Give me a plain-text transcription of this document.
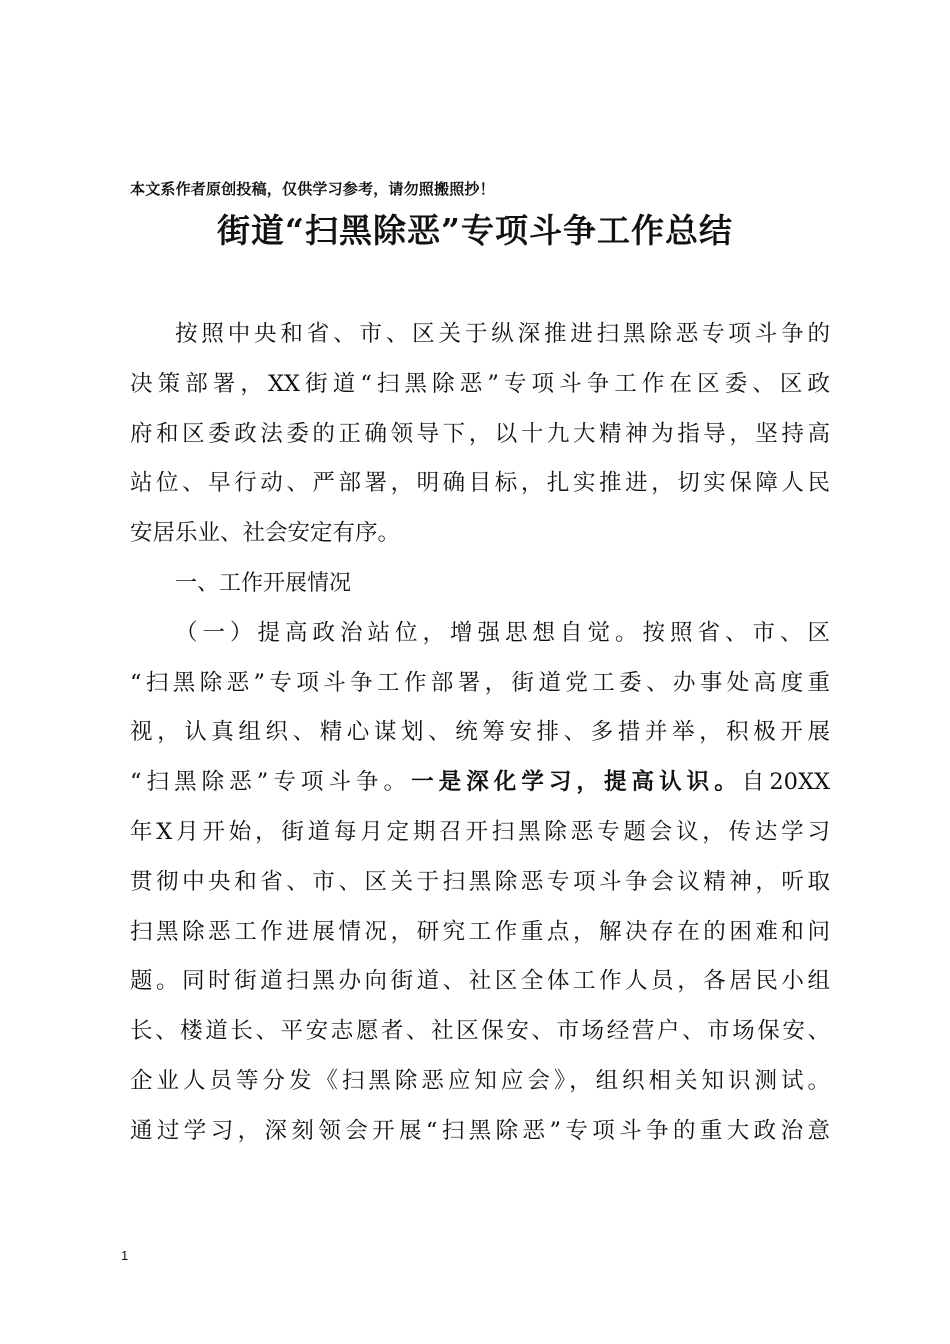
本文系作者原创投稿，仅供学习参考，请勿照搬照抄！
街道“扫黑除恶”专项斗争工作总结
按照中央和省、市、区关于纵深推进扫黑除恶专项斗争的
决策部署，XX街道“扫黑除恶”专项斗争工作在区委、区政
府和区委政法委的正确领导下，以十九大精神为指导，坚持高
站位、早行动、严部署，明确目标，扎实推进，切实保障人民
安居乐业、社会安定有序。
一、工作开展情况
（一）提高政治站位，增强思想自觉。按照省、市、区
“扫黑除恶”专项斗争工作部署，街道党工委、办事处高度重
视，认真组织、精心谋划、统筹安排、多措并举，积极开展
“扫黑除恶”专项斗争。一是深化学习，提高认识。自20XX
年X月开始，街道每月定期召开扫黑除恶专题会议，传达学习
贯彻中央和省、市、区关于扫黑除恶专项斗争会议精神，听取
扫黑除恶工作进展情况，研究工作重点，解决存在的困难和问
题。同时街道扫黑办向街道、社区全体工作人员，各居民小组
长、楼道长、平安志愿者、社区保安、市场经营户、市场保安、
企业人员等分发《扫黑除恶应知应会》，组织相关知识测试。
通过学习，深刻领会开展“扫黑除恶”专项斗争的重大政治意
1
